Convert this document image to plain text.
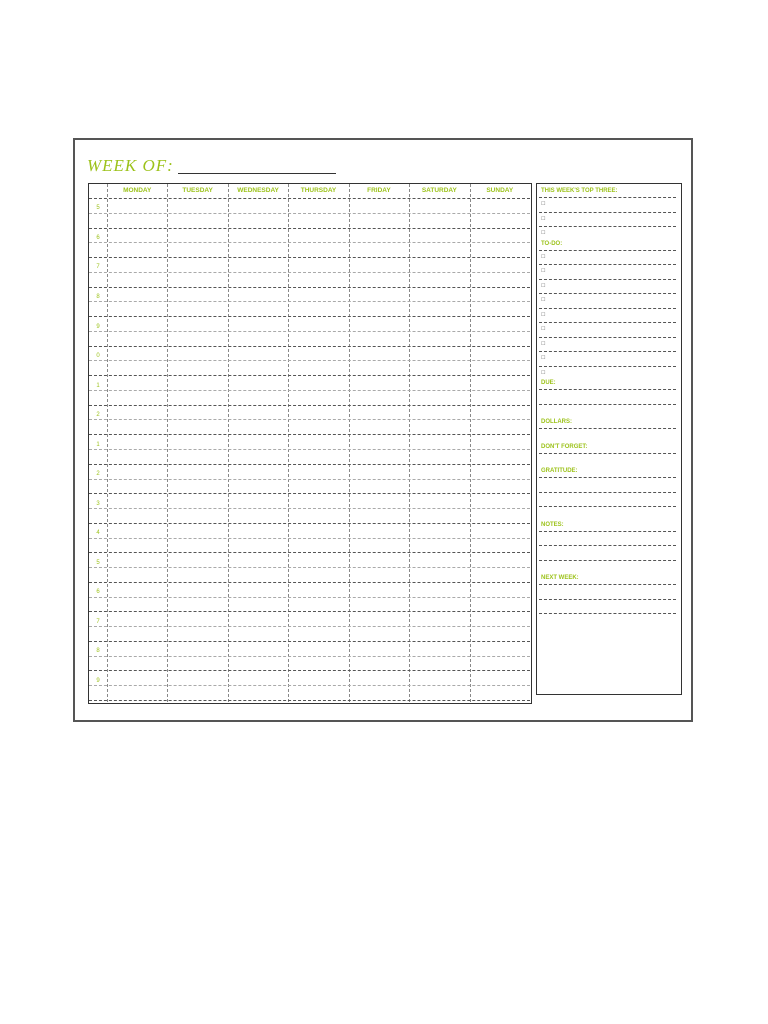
WEEK OF:
MONDAY	TUESDAY	WEDNESDAY	THURSDAY	FRIDAY	SATURDAY	SUNDAY
5
6
7
8
9
0
1
2
1
2
3
4
5
6
7
8
9
THIS WEEK'S TOP THREE:
☐
☐
☐
TO-DO:
☐
☐
☐
☐
☐
☐
☐
☐
☐
DUE:
DOLLARS:
DON'T FORGET:
GRATITUDE:
NOTES:
NEXT WEEK:
